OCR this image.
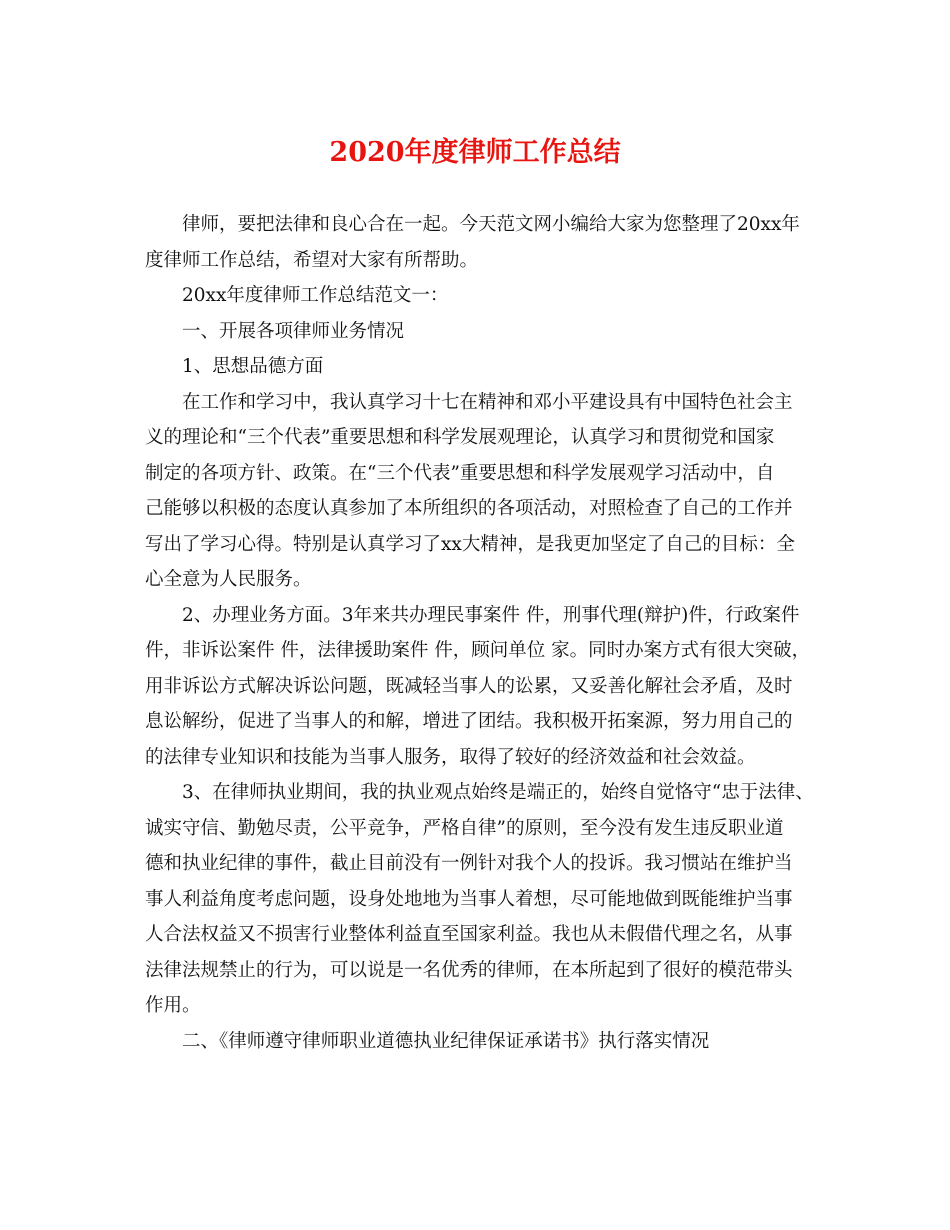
2020年度律师工作总结

律师，要把法律和良心合在一起。今天范文网小编给大家为您整理了20xx年

度律师工作总结，希望对大家有所帮助。

20xx年度律师工作总结范文一：

一、开展各项律师业务情况

1、思想品德方面

在工作和学习中，我认真学习十七在精神和邓小平建设具有中国特色社会主

义的理论和“三个代表”重要思想和科学发展观理论，认真学习和贯彻党和国家

制定的各项方针、政策。在“三个代表”重要思想和科学发展观学习活动中，自

己能够以积极的态度认真参加了本所组织的各项活动，对照检查了自己的工作并

写出了学习心得。特别是认真学习了xx大精神，是我更加坚定了自己的目标：全

心全意为人民服务。

2、办理业务方面。3年来共办理民事案件 件，刑事代理(辩护)件，行政案件

件，非诉讼案件 件，法律援助案件 件，顾问单位 家。同时办案方式有很大突破，

用非诉讼方式解决诉讼问题，既减轻当事人的讼累，又妥善化解社会矛盾，及时

息讼解纷，促进了当事人的和解，增进了团结。我积极开拓案源，努力用自己的

的法律专业知识和技能为当事人服务，取得了较好的经济效益和社会效益。

3、在律师执业期间，我的执业观点始终是端正的，始终自觉恪守“忠于法律、

诚实守信、勤勉尽责，公平竞争，严格自律”的原则，至今没有发生违反职业道

德和执业纪律的事件，截止目前没有一例针对我个人的投诉。我习惯站在维护当

事人利益角度考虑问题，设身处地地为当事人着想，尽可能地做到既能维护当事

人合法权益又不损害行业整体利益直至国家利益。我也从未假借代理之名，从事

法律法规禁止的行为，可以说是一名优秀的律师，在本所起到了很好的模范带头

作用。

二、《律师遵守律师职业道德执业纪律保证承诺书》执行落实情况
